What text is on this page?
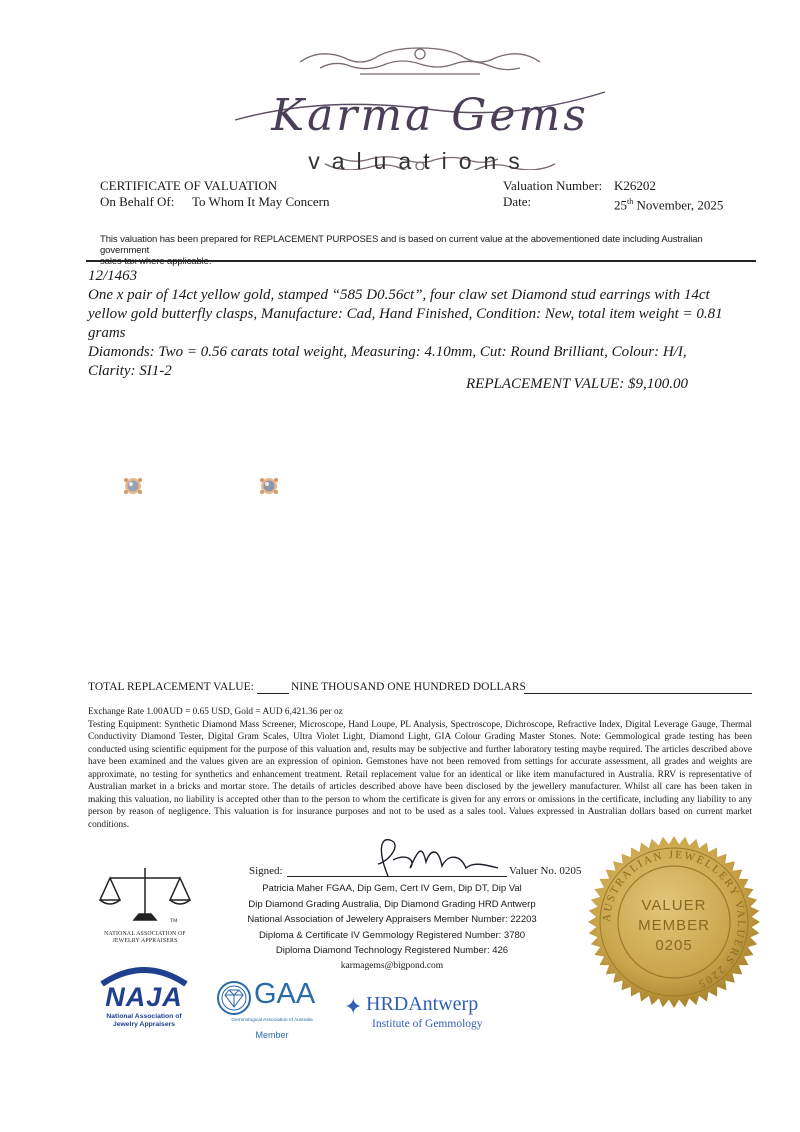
Karma Gems
valuations
CERTIFICATE OF VALUATION
On Behalf Of: To Whom It May Concern
Valuation Number: K26202
Date:	25th November, 2025
This valuation has been prepared for REPLACEMENT PURPOSES and is based on current value at the abovementioned date including Australian government
12/1463
One x pair of 14ct yellow gold, stamped “585 D0.56ct”, four claw set Diamond stud earrings with 14ct
yellow gold butterfly clasps, Manufacture: Cad, Hand Finished, Condition: New, total item weight = 0.81
grams
Diamonds: Two = 0.56 carats total weight, Measuring: 4.10mm, Cut: Round Brilliant, Colour: H/I,
Clarity: SI1-2
REPLACEMENT VALUE: $9,100.00
TOTAL REPLACEMENT VALUE:	NINE THOUSAND ONE HUNDRED DOLLARS
Exchange Rate 1.00AUD = 0.65 USD, Gold = AUD 6,421.36 per oz
Testing Equipment: Synthetic Diamond Mass Screener, Microscope, Hand Loupe, PL Analysis, Spectroscope, Dichroscope, Refractive Index, Digital Leverage Gauge, Thermal Conductivity Diamond Tester, Digital Gram Scales, Ultra Violet Light, Diamond Light, GIA Colour Grading Master Stones. Note: Gemmological grade testing has been conducted using scientific equipment for the purpose of this valuation and, results may be subjective and further laboratory testing maybe required. The articles described above have been examined and the values given are an expression of opinion. Gemstones have not been removed from settings for accurate assessment, all grades and weights are approximate, no testing for synthetics and enhancement treatment. Retail replacement value for an identical or like item manufactured in Australia. RRV is representative of Australian market in a bricks and mortar store. The details of articles described above have been disclosed by the jewellery manufacturer. Whilst all care has been taken in making this valuation, no liability is accepted other than to the person to whom the certificate is given for any errors or omissions in the certificate, including any liability to any person by reason of negligence. This valuation is for insurance purposes and not to be used as a sales tool. Values expressed in Australian dollars based on current market conditions.
Signed:	Valuer No. 0205
Patricia Maher FGAA, Dip Gem, Cert IV Gem, Dip DT, Dip Val
Dip Diamond Grading Australia, Dip Diamond Grading HRD Antwerp
National Association of Jewelery Appraisers Member Number: 22203
Diploma & Certificate IV Gemmology Registered Number: 3780
Diploma Diamond Technology Registered Number: 426
karmagems@bigpond.com
TM
NATIONAL ASSOCIATION OF
JEWELRY APPRAISERS
NAJA
National Association of
Jewelry Appraisers
GAA
Gemmological Association of Australia
Member
✦ HRDAntwerp
Institute of Gemmology
AUSTRALIAN JEWELLERY VALUERS 2205
VALUER
MEMBER
0205
